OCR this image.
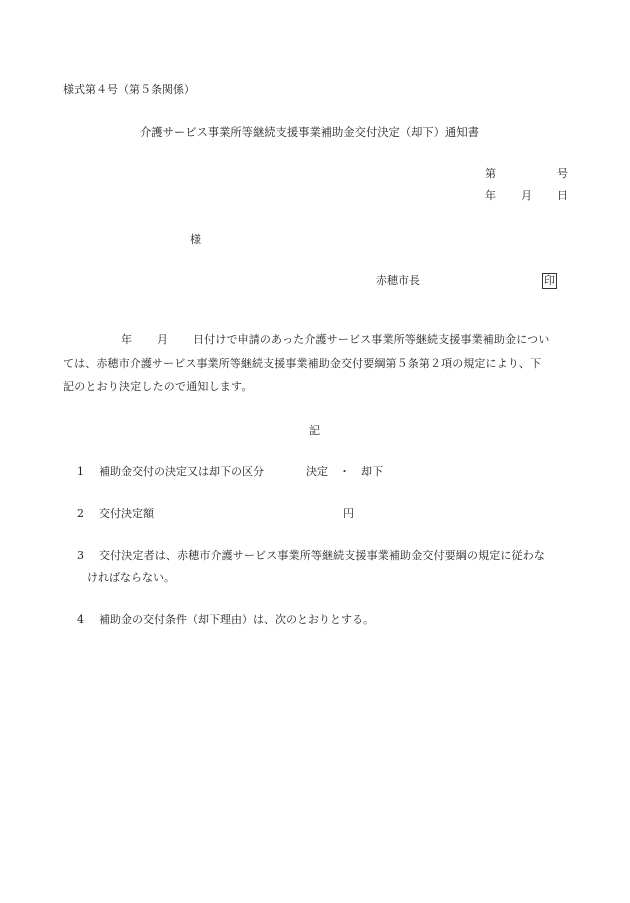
様式第４号（第５条関係）
介護サービス事業所等継続支援事業補助金交付決定（却下）通知書
第	号
年 月 日
様
赤穂市長	印
年 月 日付けで申請のあった介護サービス事業所等継続支援事業補助金につい
ては、赤穂市介護サービス事業所等継続支援事業補助金交付要綱第５条第２項の規定により、下
記のとおり決定したので通知します。
記
1 補助金交付の決定又は却下の区分	決定　・　却下
2 交付決定額	円
3 交付決定者は、赤穂市介護サービス事業所等継続支援事業補助金交付要綱の規定に従わな
ければならない。
4 補助金の交付条件（却下理由）は、次のとおりとする。
